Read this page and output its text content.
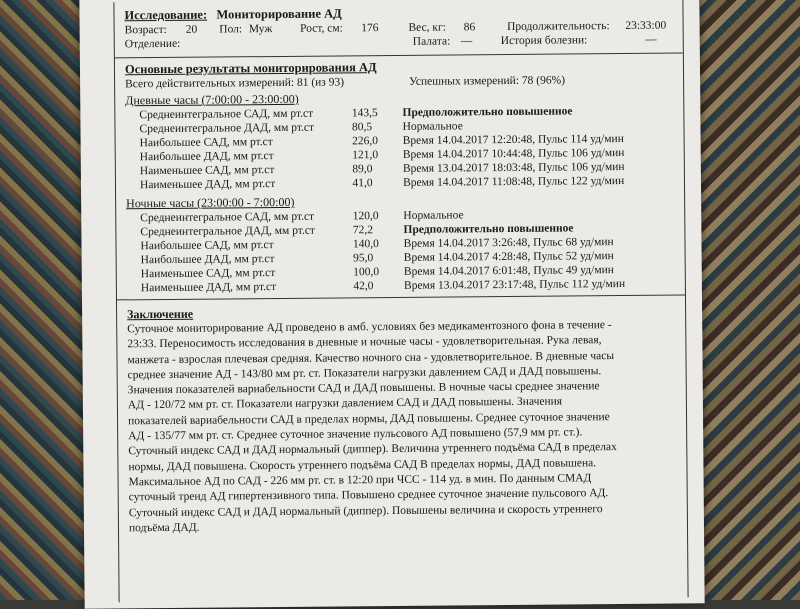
Исследование: Мониторирование АД
Возраст:	20	Пол: Муж	Рост, см:	176	Вес, кг:	86	Продолжительность:	23:33:00
Отделение:	Палата: —	История болезни:	—
Основные результаты мониторирования АД
Всего действительных измерений: 81 (из 93)	Успешных измерений: 78 (96%)
Дневные часы (7:00:00 - 23:00:00)
Среднеинтегральное САД, мм рт.ст	143,5	Предположительно повышенное
Среднеинтегральное ДАД, мм рт.ст	80,5	Нормальное
Наибольшее САД, мм рт.ст	226,0	Время 14.04.2017 12:20:48, Пульс 114 уд/мин
Наибольшее ДАД, мм рт.ст	121,0	Время 14.04.2017 10:44:48, Пульс 106 уд/мин
Наименьшее САД, мм рт.ст	89,0	Время 13.04.2017 18:03:48, Пульс 106 уд/мин
Наименьшее ДАД, мм рт.ст	41,0	Время 14.04.2017 11:08:48, Пульс 122 уд/мин
Ночные часы (23:00:00 - 7:00:00)
Среднеинтегральное САД, мм рт.ст	120,0	Нормальное
Среднеинтегральное ДАД, мм рт.ст	72,2	Предположительно повышенное
Наибольшее САД, мм рт.ст	140,0	Время 14.04.2017 3:26:48, Пульс 68 уд/мин
Наибольшее ДАД, мм рт.ст	95,0	Время 14.04.2017 4:28:48, Пульс 52 уд/мин
Наименьшее САД, мм рт.ст	100,0	Время 14.04.2017 6:01:48, Пульс 49 уд/мин
Наименьшее ДАД, мм рт.ст	42,0	Время 13.04.2017 23:17:48, Пульс 112 уд/мин
Заключение
Суточное мониторирование АД проведено в амб. условиях без медикаментозного фона в течение -
23:33. Переносимость исследования в дневные и ночные часы - удовлетворительная. Рука левая,
манжета - взрослая плечевая средняя. Качество ночного сна - удовлетворительное. В дневные часы
среднее значение АД - 143/80 мм рт. ст. Показатели нагрузки давлением САД и ДАД повышены.
Значения показателей вариабельности САД и ДАД повышены. В ночные часы среднее значение
АД - 120/72 мм рт. ст. Показатели нагрузки давлением САД и ДАД повышены. Значения
показателей вариабельности САД в пределах нормы, ДАД повышены. Среднее суточное значение
АД - 135/77 мм рт. ст. Среднее суточное значение пульсового АД повышено (57,9 мм рт. ст.).
Суточный индекс САД и ДАД нормальный (диппер). Величина утреннего подъёма САД в пределах
нормы, ДАД повышена. Скорость утреннего подъёма САД В пределах нормы, ДАД повышена.
Максимальное АД по САД - 226 мм рт. ст. в 12:20 при ЧСС - 114 уд. в мин. По данным СМАД
суточный тренд АД гипертензивного типа. Повышено среднее суточное значение пульсового АД.
Суточный индекс САД и ДАД нормальный (диппер). Повышены величина и скорость утреннего
подъёма ДАД.
